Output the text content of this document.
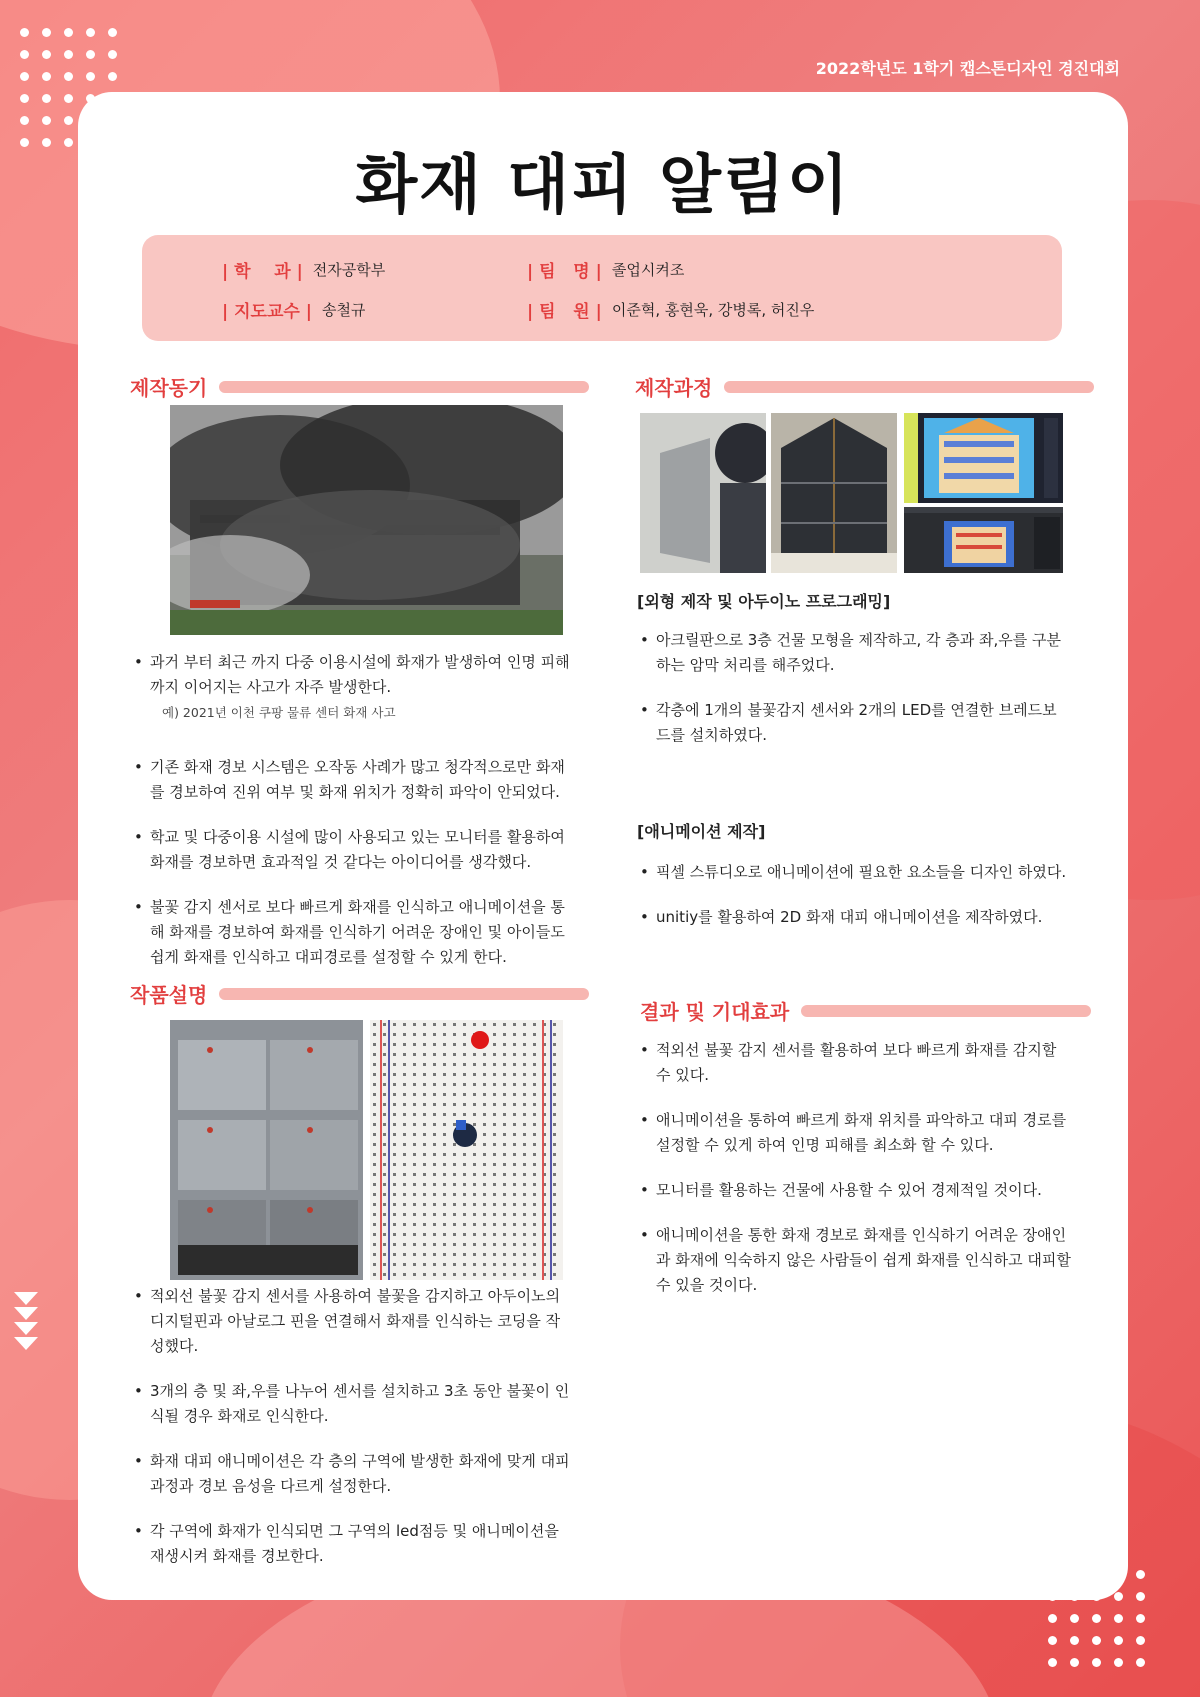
2022학년도 1학기 캡스톤디자인 경진대회
화재 대피 알림이
| 학    과 | 전자공학부	| 팀   명 | 졸업시켜조
| 지도교수 | 송철규	| 팀   원 | 이준혁, 홍현욱, 강병록, 허진우
제작동기
• 과거 부터 최근 까지 다중 이용시설에 화재가 발생하여 인명 피해까지 이어지는 사고가 자주 발생한다.
예) 2021년 이천 쿠팡 물류 센터 화재 사고
• 기존 화재 경보 시스템은 오작동 사례가 많고 청각적으로만 화재를 경보하여 진위 여부 및 화재 위치가 정확히 파악이 안되었다.
• 학교 및 다중이용 시설에 많이 사용되고 있는 모니터를 활용하여 화재를 경보하면 효과적일 것 같다는 아이디어를 생각했다.
• 불꽃 감지 센서로 보다 빠르게 화재를 인식하고 애니메이션을 통해 화재를 경보하여 화재를 인식하기 어려운 장애인 및 아이들도 쉽게 화재를 인식하고 대피경로를 설정할 수 있게 한다.
작품설명
• 적외선 불꽃 감지 센서를 사용하여 불꽃을 감지하고 아두이노의 디지털핀과 아날로그 핀을 연결해서 화재를 인식하는 코딩을 작성했다.
• 3개의 층 및 좌,우를 나누어 센서를 설치하고 3초 동안 불꽃이 인식될 경우 화재로 인식한다.
• 화재 대피 애니메이션은 각 층의 구역에 발생한 화재에 맞게 대피 과정과 경보 음성을 다르게 설정한다.
• 각 구역에 화재가 인식되면 그 구역의 led점등 및 애니메이션을 재생시켜 화재를 경보한다.
제작과정
[외형 제작 및 아두이노 프로그래밍]
• 아크릴판으로 3층 건물 모형을 제작하고, 각 층과 좌,우를 구분하는 암막 처리를 해주었다.
• 각층에 1개의 불꽃감지 센서와 2개의 LED를 연결한 브레드보드를 설치하였다.
[애니메이션 제작]
• 픽셀 스튜디오로 애니메이션에 필요한 요소들을 디자인 하였다.
• unitiy를 활용하여 2D 화재 대피 애니메이션을 제작하였다.
결과 및 기대효과
• 적외선 불꽃 감지 센서를 활용하여 보다 빠르게 화재를 감지할 수 있다.
• 애니메이션을 통하여 빠르게 화재 위치를 파악하고 대피 경로를 설정할 수 있게 하여 인명 피해를 최소화 할 수 있다.
• 모니터를 활용하는 건물에 사용할 수 있어 경제적일 것이다.
• 애니메이션을 통한 화재 경보로 화재를 인식하기 어려운 장애인과 화재에 익숙하지 않은 사람들이 쉽게 화재를 인식하고 대피할 수 있을 것이다.
